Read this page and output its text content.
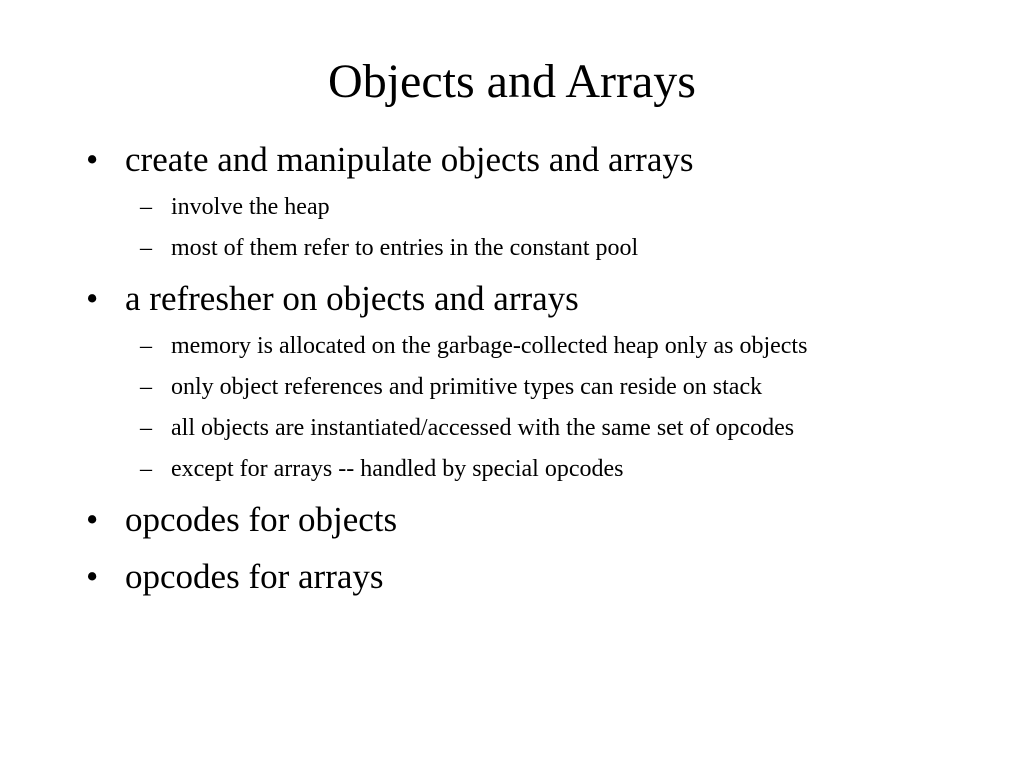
Objects and Arrays
• create and manipulate objects and arrays
– involve the heap
– most of them refer to entries in the constant pool
• a refresher on objects and arrays
– memory is allocated on the garbage-collected heap only as objects
– only object references and primitive types can reside on stack
– all objects are instantiated/accessed with the same set of opcodes
– except for arrays -- handled by special opcodes
• opcodes for objects
• opcodes for arrays
